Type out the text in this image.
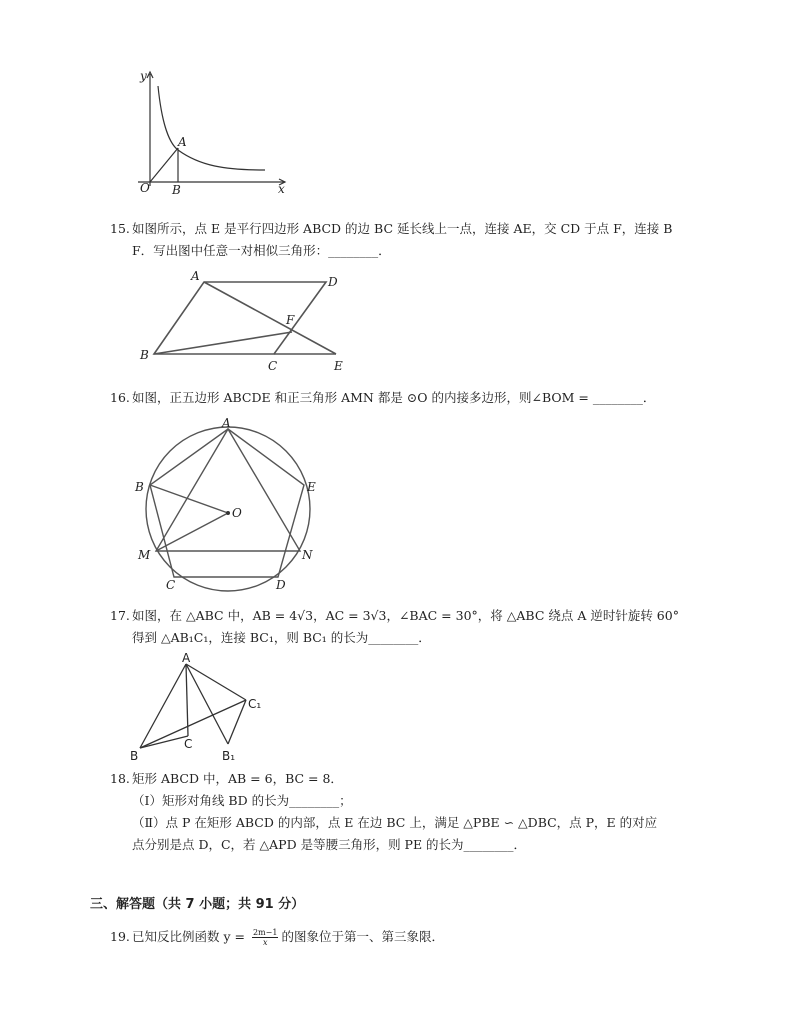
y
x
O
A
B
15. 如图所示，点 E 是平行四边形 ABCD 的边 BC 延长线上一点，连接 AE，交 CD 于点 F，连接 B
F．写出图中任意一对相似三角形：________．
A	D
F
B
C	E
16. 如图，正五边形 ABCDE 和正三角形 AMN 都是 ⊙O 的内接多边形，则∠BOM = ________．
A
B	E
O
M	N
C	D
17. 如图，在 △ABC 中，AB = 4√3，AC = 3√3，∠BAC = 30°，将 △ABC 绕点 A 逆时针旋转 60°
得到 △AB₁C₁，连接 BC₁，则 BC₁ 的长为________．
A
C₁
C
B	B₁
18. 矩形 ABCD 中，AB = 6，BC = 8．
（Ⅰ）矩形对角线 BD 的长为________；
（Ⅱ）点 P 在矩形 ABCD 的内部，点 E 在边 BC 上，满足 △PBE ∽ △DBC，点 P，E 的对应
点分别是点 D，C，若 △APD 是等腰三角形，则 PE 的长为________．
三、解答题（共 7 小题；共 91 分）
19. 已知反比例函数 $y = \frac{2m-1}{x}$ 的图象位于第一、第三象限．
